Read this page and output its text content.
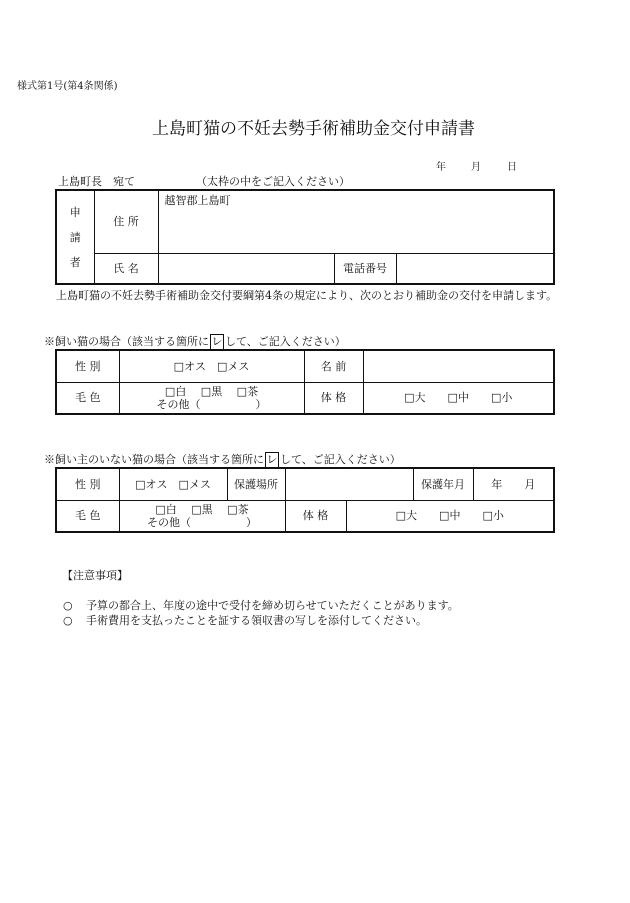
様式第1号(第4条関係)
上島町猫の不妊去勢手術補助金交付申請書
年	月	日
上島町長　宛て	（太枠の中をご記入ください）
申
請
者	住 所	越智郡上島町		
	氏 名		電話番号	
上島町猫の不妊去勢手術補助金交付要綱第4条の規定により、次のとおり補助金の交付を申請します。
※飼い猫の場合（該当する箇所に レ して、ご記入ください）
性 別	□オス　□メス	名 前	
毛 色	□白　 □黒　 □茶
その他（　　　　　）	体 格	□大　　□中　　□小
※飼い主のいない猫の場合（該当する箇所に レ して、ご記入ください）
性 別	□オス　□メス	保護場所			保護年月	年　　月
毛 色	□白　 □黒　 □茶
その他（　　　　　）		体 格	□大　　□中　　□小		
【注意事項】
○ 予算の都合上、年度の途中で受付を締め切らせていただくことがあります。
○ 手術費用を支払ったことを証する領収書の写しを添付してください。
